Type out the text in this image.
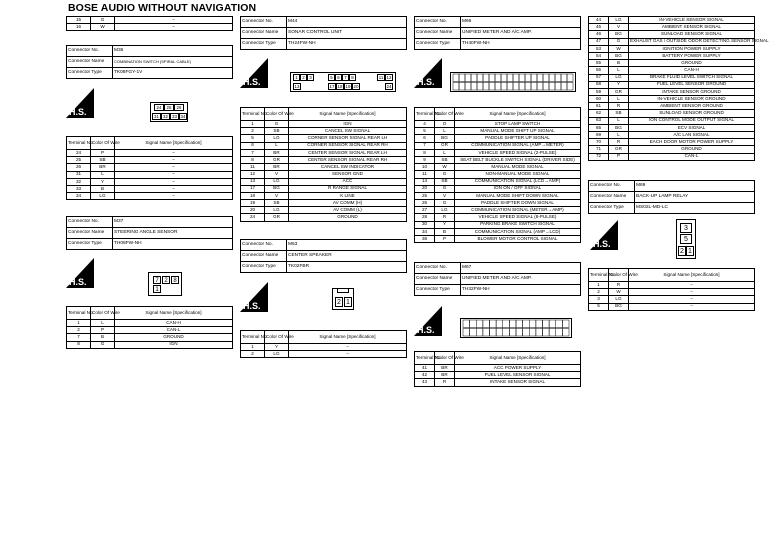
BOSE AUDIO WITHOUT NAVIGATION
15	G	–
16	W	–
Connector No.	M36
Connector Name	COMBINATION SWITCH (SPIRAL CABLE)
Connector Type	TK08FGY-1V
H.S.	24	25	26
31 32 33 34
Terminal No.	Color Of Wire	Signal Name [Specification]
24	P	–
25	SB	–
26	BR	–
31	L	–
32	Y	–
33	B	–
34	LG	–
Connector No.	M37
Connector Name	STEERING ANGLE SENSOR
Connector Type	TH08FW-NH
H.S.	7 2 8
1
Terminal No.	Color Of Wire	Signal Name [Specification]
1	L	CAN-H
2	P	CAN-L
7	B	GROUND
8	G	IGN
Connector No.	M44
Connector Name	SONAR CONTROL UNIT
Connector Type	TH24FW-NH
H.S.	1	2	3	5	6	7	8	11 12
13	17 18 19 20	24
Terminal No.	Color Of Wire	Signal Name [Specification]
1	G	IGN
2	SB	CANCEL SW SIGNAL
5	LG	CORNER SENSOR SIGNAL REAR LH
6	L	CORNER SENSOR SIGNAL REAR RH
7	BR	CENTER SENSOR SIGNAL REAR LH
8	GR	CENTER SENSOR SIGNAL REAR RH
11	BR	CANCEL SW INDICATOR
12	V	SENSOR GND
13	LG	ACC
17	BG	R RANGE SIGNAL
18	V	K LINE
19	SB	AV COMM (H)
20	LG	AV COMM (L)
24	GR	GROUND
Connector No.	M63
Connector Name	CENTER SPEAKER
Connector Type	TK02FBR
H.S.	2 1
Terminal No.	Color Of Wire	Signal Name [Specification]
1	Y	–
2	LG	–
Connector No.	M66
Connector Name	UNIFIED METER AND A/C AMP.
Connector Type	TH40FW-NH
H.S.
Terminal No.	Color Of Wire	Signal Name [Specification]
4	O	STOP LAMP SWITCH
5	L	MANUAL MODE SHIFT UP SIGNAL
6	BG	PADDLE SHIFTER UP SIGNAL
7	GR	COMMUNICATION SIGNAL (AMP→METER)
8	L	VEHICLE SPEED SIGNAL (2-PULSE)
9	SB	SEAT BELT BUCKLE SWITCH SIGNAL (DRIVER SIDE)
10	W	MANUAL MODE SIGNAL
11	G	NON-MANUAL MODE SIGNAL
14	SB	COMMUNICATION SIGNAL (LCD→AMP)
20	G	ION ON / OFF SIGNAL
25	V	MANUAL MODE SHIFT DOWN SIGNAL
26	G	PADDLE SHIFTER DOWN SIGNAL
27	LG	COMMUNICATION SIGNAL (METER→AMP)
28	R	VEHICLE SPEED SIGNAL (8-PULSE)
30	Y	PARKING BRAKE SWITCH SIGNAL
34	B	COMMUNICATION SIGNAL (AMP→LCD)
38	P	BLOWER MOTOR CONTROL SIGNAL
Connector No.	M67
Connector Name	UNIFIED METER AND A/C AMP.
Connector Type	TH32FW-NH
H.S.
Terminal No.	Color Of Wire	Signal Name [Specification]
41	BR	ACC POWER SUPPLY
42	BR	FUEL LEVEL SENSOR SIGNAL
43	R	INTAKE SENSOR SIGNAL
44	LG	IN-VEHICLE SENSOR SIGNAL
45	V	AMBIENT SENSOR SIGNAL
46	BG	SUNLOAD SENSOR SIGNAL
47	G	EXHAUST GAS / OUTSIDE ODOR DETECTING SENSOR SIGNAL
53	W	IGNITION POWER SUPPLY
54	BG	BATTERY POWER SUPPLY
55	B	GROUND
56	L	CAN-H
57	LG	BRAKE FLUID LEVEL SWITCH SIGNAL
58	Y	FUEL LEVEL SENSOR GROUND
59	GR	INTAKE SENSOR GROUND
60	L	IN-VEHICLE SENSOR GROUND
61	R	AMBIENT SENSOR GROUND
62	SB	SUNLOAD SENSOR GROUND
63	L	ION CONTROL MODE OUTPUT SIGNAL
65	BG	ECV SIGNAL
69	L	A/C LAN SIGNAL
70	R	EACH DOOR MOTOR POWER SUPPLY
71	GR	GROUND
72	P	CAN-L
Connector No.	M69
Connector Name	BACK-UP LAMP RELAY
Connector Type	MS02L-MD-LC
H.S.
3
5
2 1
Terminal No.	Color Of Wire	Signal Name [Specification]
1	R	–
2	W	–
3	LG	–
5	BG	–
